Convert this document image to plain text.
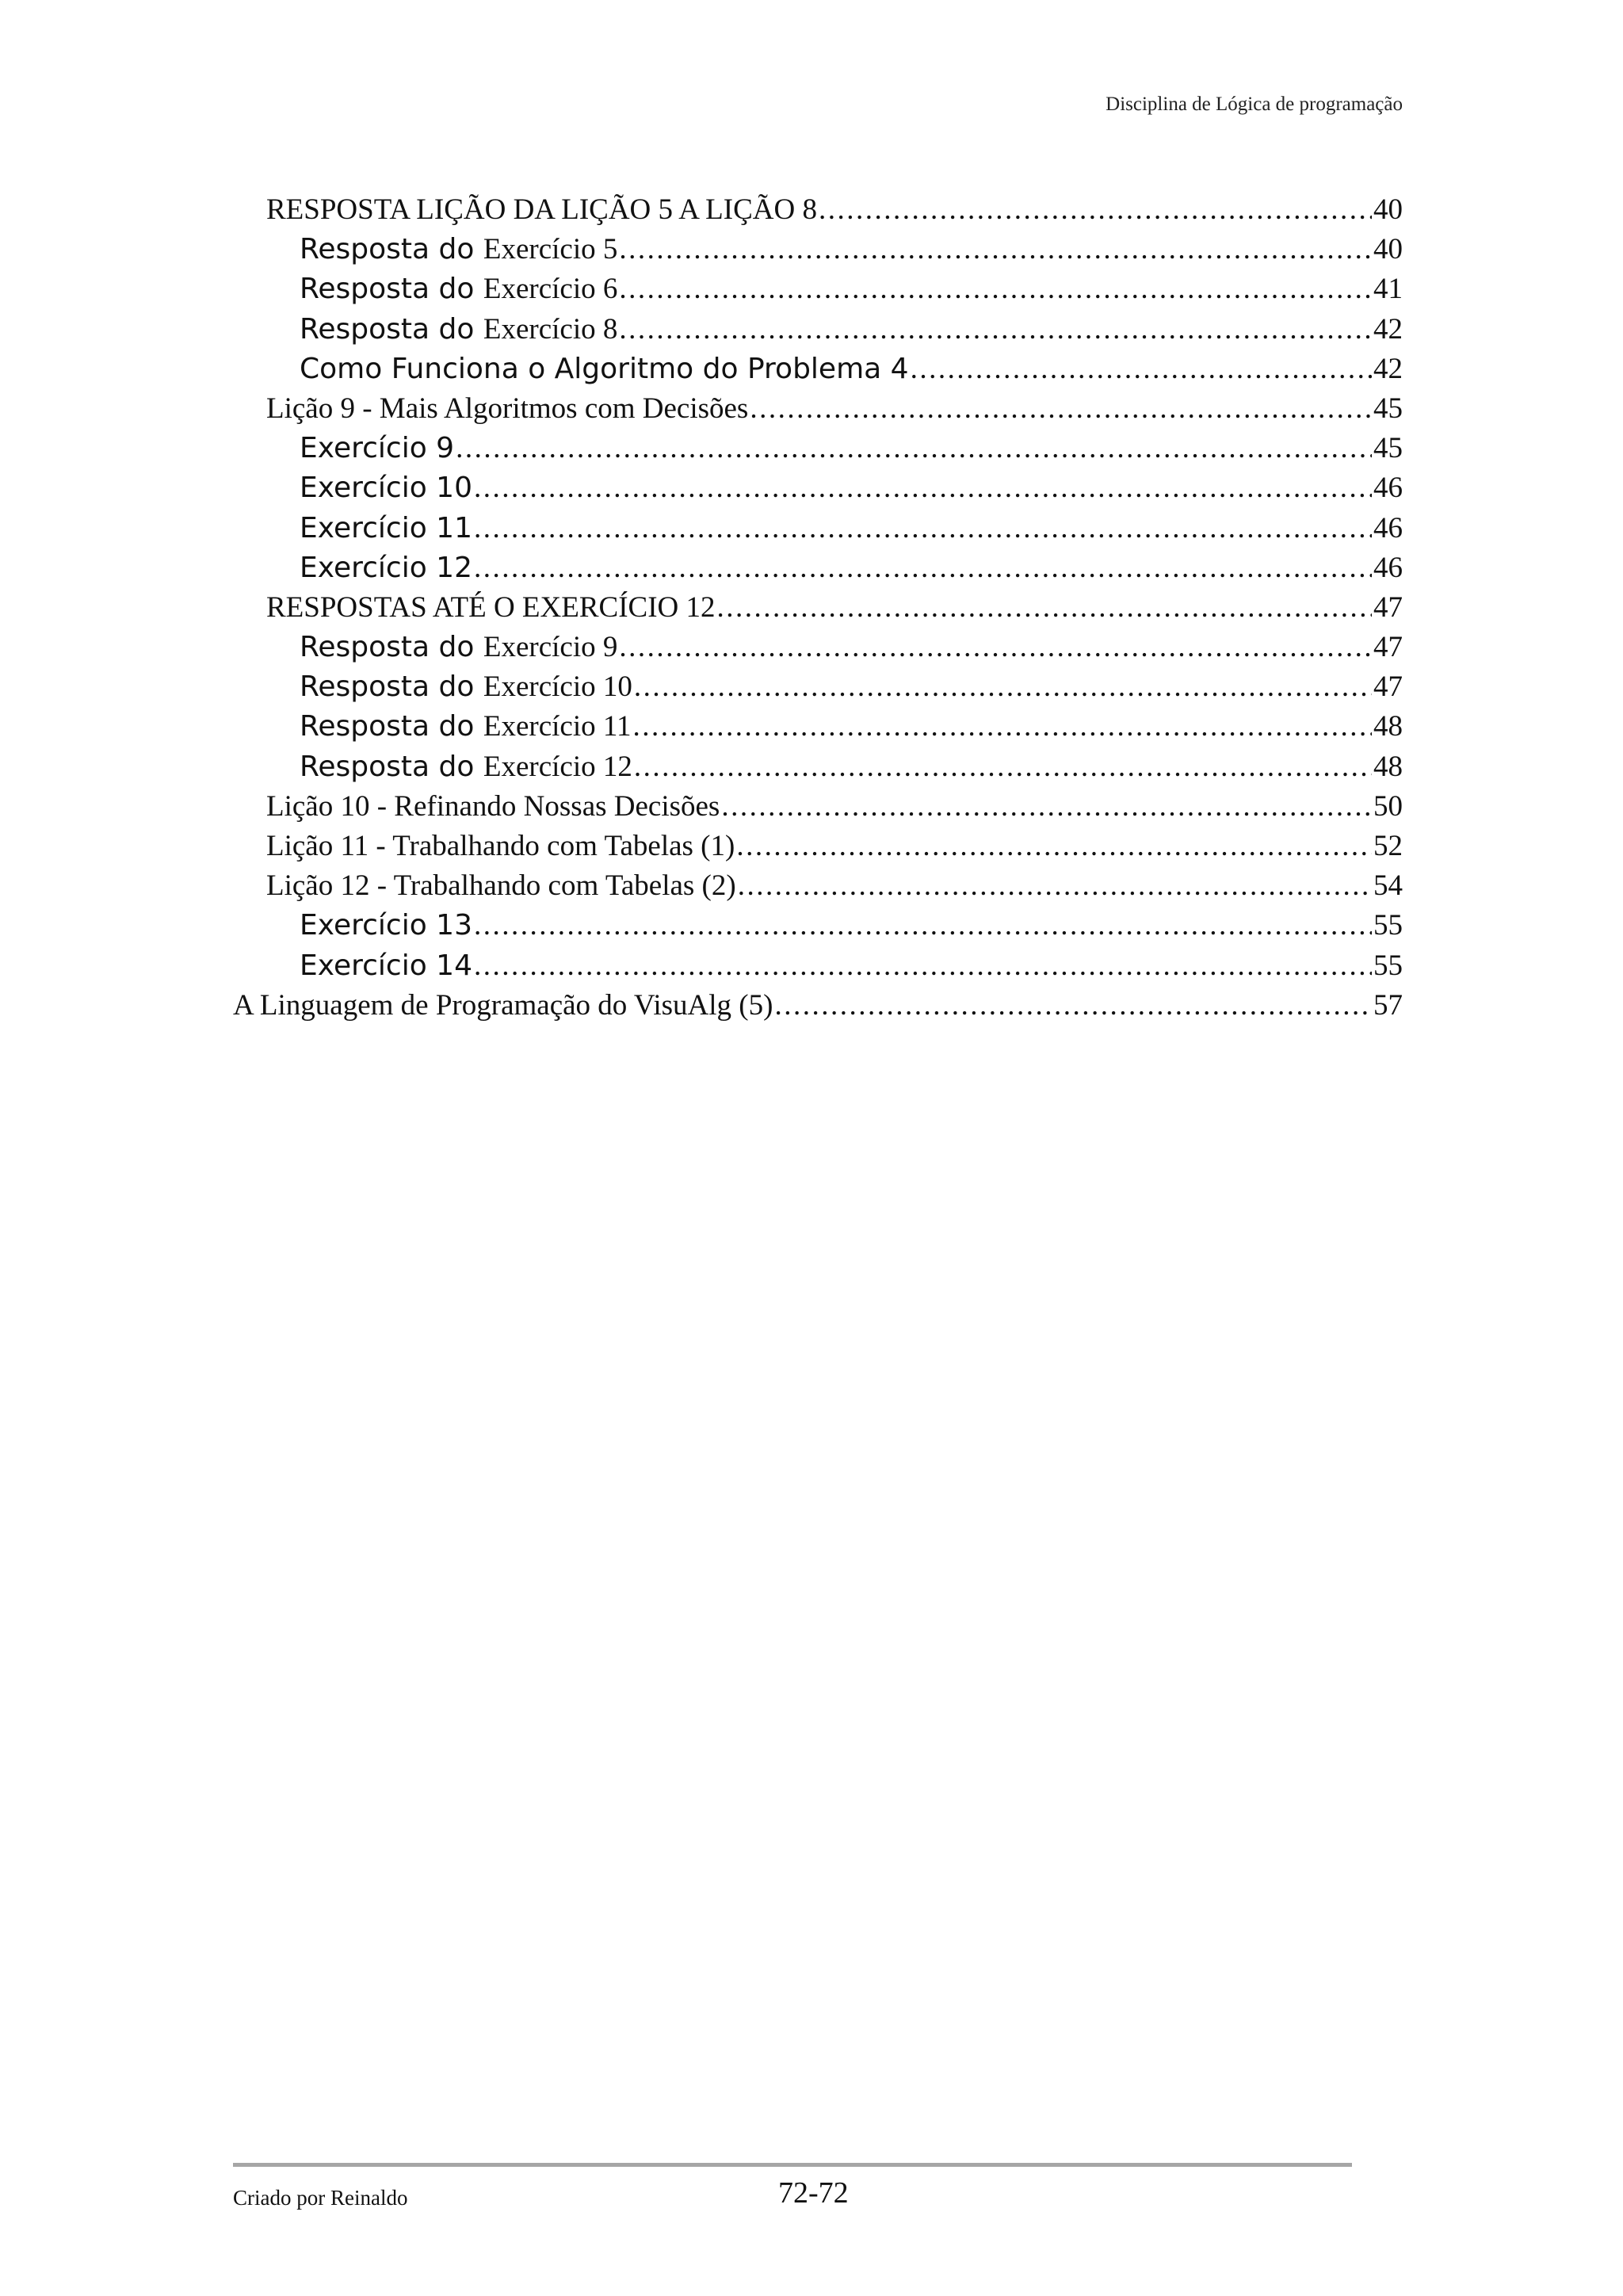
Disciplina de Lógica de programação
RESPOSTA LIÇÃO DA LIÇÃO 5 A LIÇÃO 8 .....	40
Resposta do Exercício 5 .....	40
Resposta do Exercício 6 .....	41
Resposta do Exercício 8 .....	42
Como Funciona o Algoritmo do Problema 4 .....	42
Lição 9 - Mais Algoritmos com Decisões .....	45
Exercício 9 .....	45
Exercício 10 .....	46
Exercício 11 .....	46
Exercício 12 .....	46
RESPOSTAS ATÉ O EXERCÍCIO 12 .....	47
Resposta do Exercício 9 .....	47
Resposta do Exercício 10 .....	47
Resposta do Exercício 11 .....	48
Resposta do Exercício 12 .....	48
Lição 10 - Refinando Nossas Decisões .....	50
Lição 11 - Trabalhando com Tabelas (1) .....	52
Lição 12 - Trabalhando com Tabelas (2) .....	54
Exercício 13 .....	55
Exercício 14 .....	55
A Linguagem de Programação do VisuAlg (5) .....	57
Criado por Reinaldo	72-72
